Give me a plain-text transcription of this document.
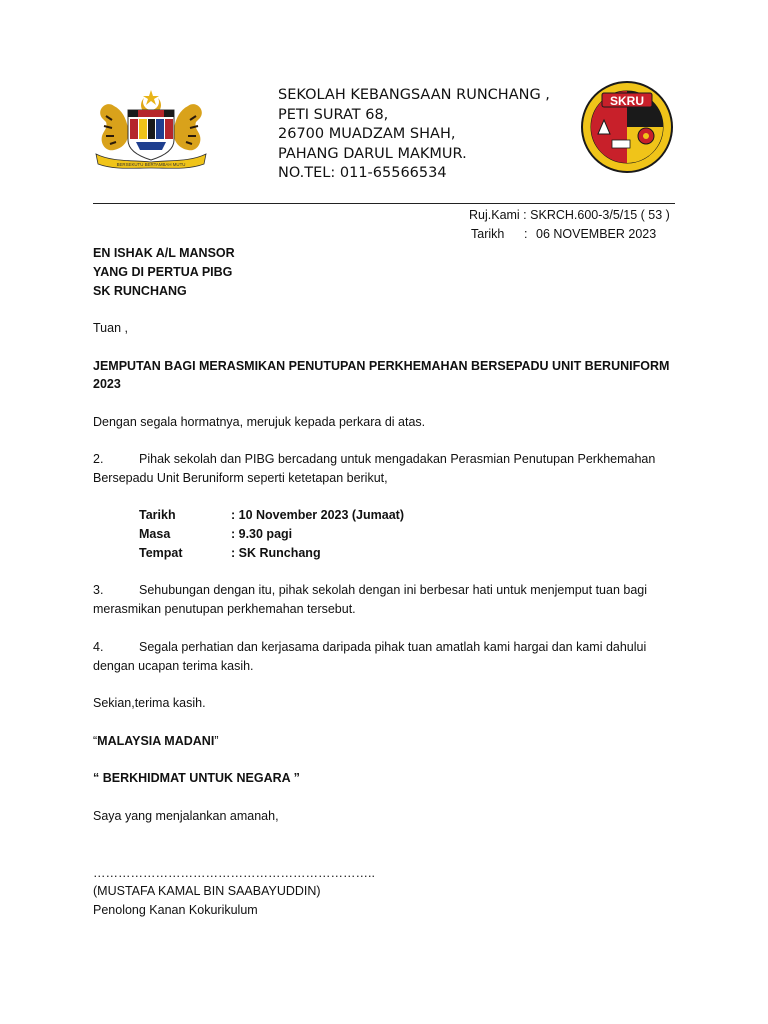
BERSEKUTU BERTAMBAH MUTU
SEKOLAH KEBANGSAAN RUNCHANG ,
PETI SURAT 68,
26700 MUADZAM SHAH,
PAHANG DARUL MAKMUR.
NO.TEL: 011-65566534
SKRU
Ruj.Kami : SKRCH.600-3/5/15 ( 53 )
Tarikh : 06 NOVEMBER 2023
EN ISHAK A/L MANSOR
YANG DI PERTUA PIBG
SK RUNCHANG
Tuan ,
JEMPUTAN BAGI MERASMIKAN PENUTUPAN PERKHEMAHAN BERSEPADU UNIT BERUNIFORM
2023
Dengan segala hormatnya, merujuk kepada perkara di atas.
2.	Pihak sekolah dan PIBG bercadang untuk mengadakan Perasmian Penutupan Perkhemahan
Bersepadu Unit Beruniform seperti ketetapan berikut,
Tarikh	: 10 November 2023 (Jumaat)
Masa	: 9.30 pagi
Tempat	: SK Runchang
3.	Sehubungan dengan itu, pihak sekolah dengan ini berbesar hati untuk menjemput tuan bagi
merasmikan penutupan perkhemahan tersebut.
4.	Segala perhatian dan kerjasama daripada pihak tuan amatlah kami hargai dan kami dahului
dengan ucapan terima kasih.
Sekian,terima kasih.
“MALAYSIA MADANI”
“ BERKHIDMAT UNTUK NEGARA ”
Saya yang menjalankan amanah,
…………………………………………………………..
(MUSTAFA KAMAL BIN SAABAYUDDIN)
Penolong Kanan Kokurikulum
